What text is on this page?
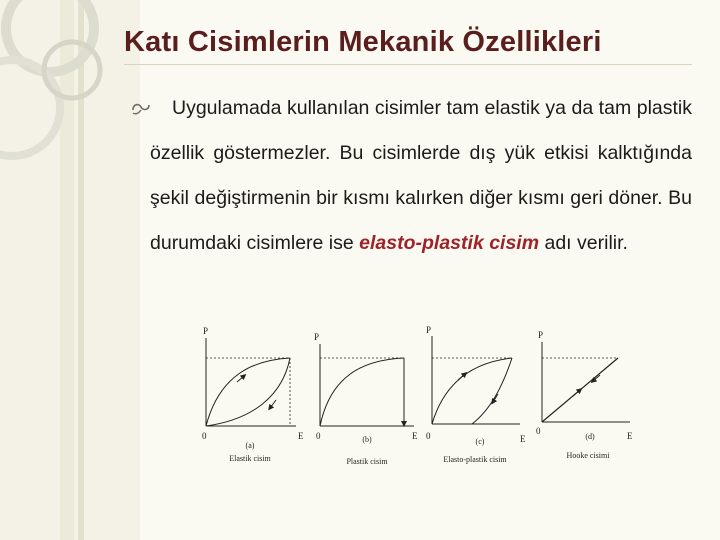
Katı Cisimlerin Mekanik Özellikleri

Uygulamada kullanılan cisimler tam elastik ya da tam plastik özellik göstermezler. Bu cisimlerde dış yük etkisi kalktığında şekil değiştirmenin bir kısmı kalırken diğer kısmı geri döner. Bu durumdaki cisimlere ise elasto-plastik cisim adı verilir.

P
0	E
(a)
Elastik cisim
P
0	E
(b)
Plastik cisim
P
0	E
(c)
Elasto-plastik cisim
P
0	E
(d)
Hooke cisimi
